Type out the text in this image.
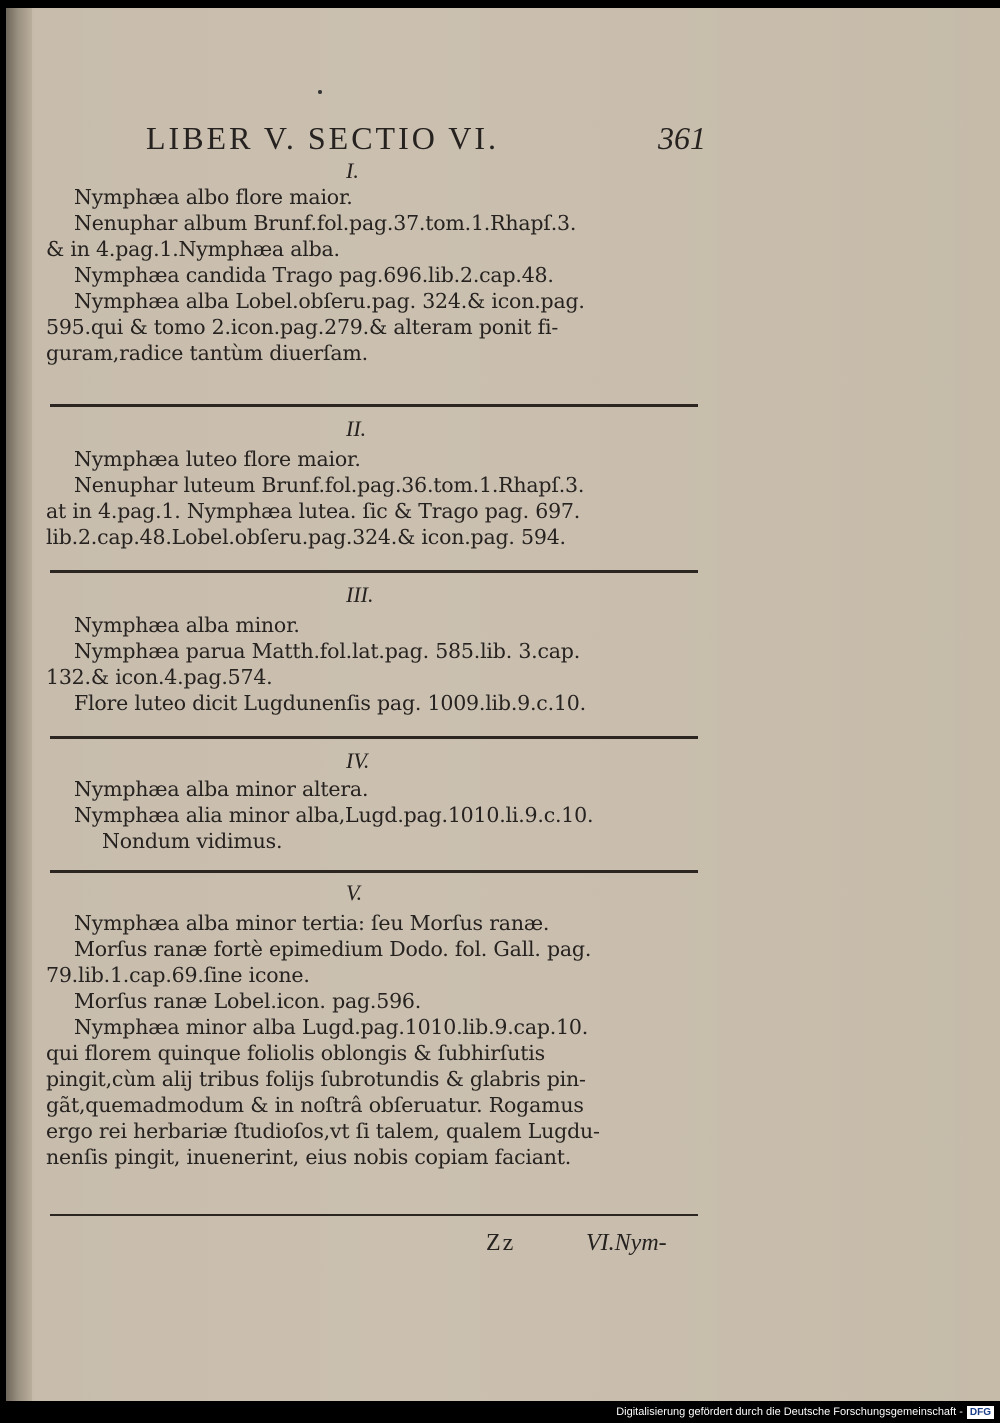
LIBER V. SECTIO VI.	361
I.
Nymphæa albo flore maior.
Nenuphar album Brunf.fol.pag.37.tom.1.Rhapſ.3.
& in 4.pag.1.Nymphæa alba.
Nymphæa candida Trago pag.696.lib.2.cap.48.
Nymphæa alba Lobel.obſeru.pag. 324.& icon.pag.
595.qui & tomo 2.icon.pag.279.& alteram ponit fi-
guram,radice tantùm diuerſam.
II.
Nymphæa luteo flore maior.
Nenuphar luteum Brunf.fol.pag.36.tom.1.Rhapſ.3.
at in 4.pag.1. Nymphæa lutea. ſic & Trago pag. 697.
lib.2.cap.48.Lobel.obſeru.pag.324.& icon.pag. 594.
III.
Nymphæa alba minor.
Nymphæa parua Matth.fol.lat.pag. 585.lib. 3.cap.
132.& icon.4.pag.574.
Flore luteo dicit Lugdunenſis pag. 1009.lib.9.c.10.
IV.
Nymphæa alba minor altera.
Nymphæa alia minor alba,Lugd.pag.1010.li.9.c.10.
Nondum vidimus.
V.
Nymphæa alba minor tertia: ſeu Morſus ranæ.
Morſus ranæ fortè epimedium Dodo. fol. Gall. pag.
79.lib.1.cap.69.ſine icone.
Morſus ranæ Lobel.icon. pag.596.
Nymphæa minor alba Lugd.pag.1010.lib.9.cap.10.
qui florem quinque foliolis oblongis & ſubhirſutis
pingit,cùm alij tribus folijs ſubrotundis & glabris pin-
gãt,quemadmodum & in noſtrâ obſeruatur. Rogamus
ergo rei herbariæ ſtudioſos,vt ſi talem, qualem Lugdu-
nenſis pingit, inuenerint, eius nobis copiam faciant.
Zz	VI.Nym-
Digitalisierung gefördert durch die Deutsche Forschungsgemeinschaft - DFG
